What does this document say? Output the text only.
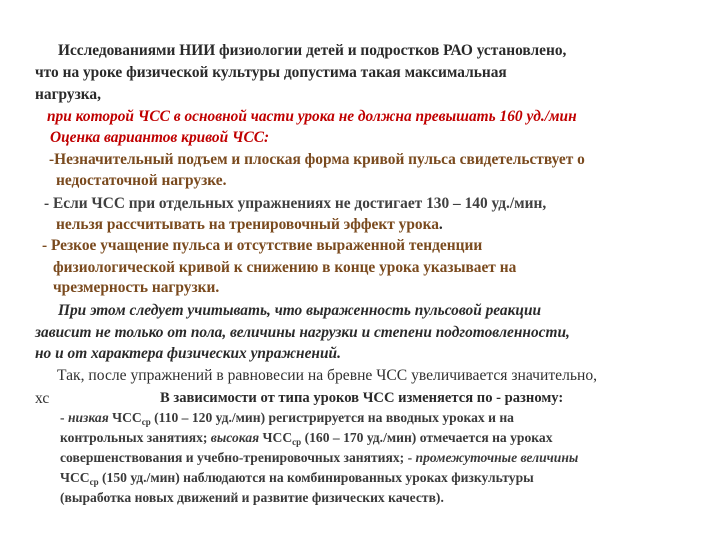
Исследованиями НИИ физиологии детей и подростков РАО установлено,
что на уроке физической культуры допустима такая максимальная
нагрузка,
при которой ЧСС в основной части урока не должна превышать 160 уд./мин
Оценка вариантов кривой ЧСС:
-Незначительный подъем и плоская форма кривой пульса свидетельствует о
недостаточной нагрузке.
- Если ЧСС при отдельных упражнениях не достигает 130 – 140 уд./мин,
нельзя рассчитывать на тренировочный эффект урока.
- Резкое учащение пульса и отсутствие выраженной тенденции
физиологической кривой к снижению в конце урока указывает на
чрезмерность нагрузки.
При этом следует учитывать, что выраженность пульсовой реакции
зависит не только от пола, величины нагрузки и степени подготовленности,
но и от характера физических упражнений.
Так, после упражнений в равновесии на бревне ЧСС увеличивается значительно,
хс	В зависимости от типа уроков ЧСС изменяется по - разному:
- низкая $ЧСС_{ср}$ (110 – 120 уд./мин) регистрируется на вводных уроках и на
контрольных занятиях; высокая $ЧСС_{ср}$ (160 – 170 уд./мин) отмечается на уроках
совершенствования и учебно-тренировочных занятиях; - промежуточные величины
$ЧСС_{ср}$ (150 уд./мин) наблюдаются на комбинированных уроках физкультуры
(выработка новых движений и развитие физических качеств).
